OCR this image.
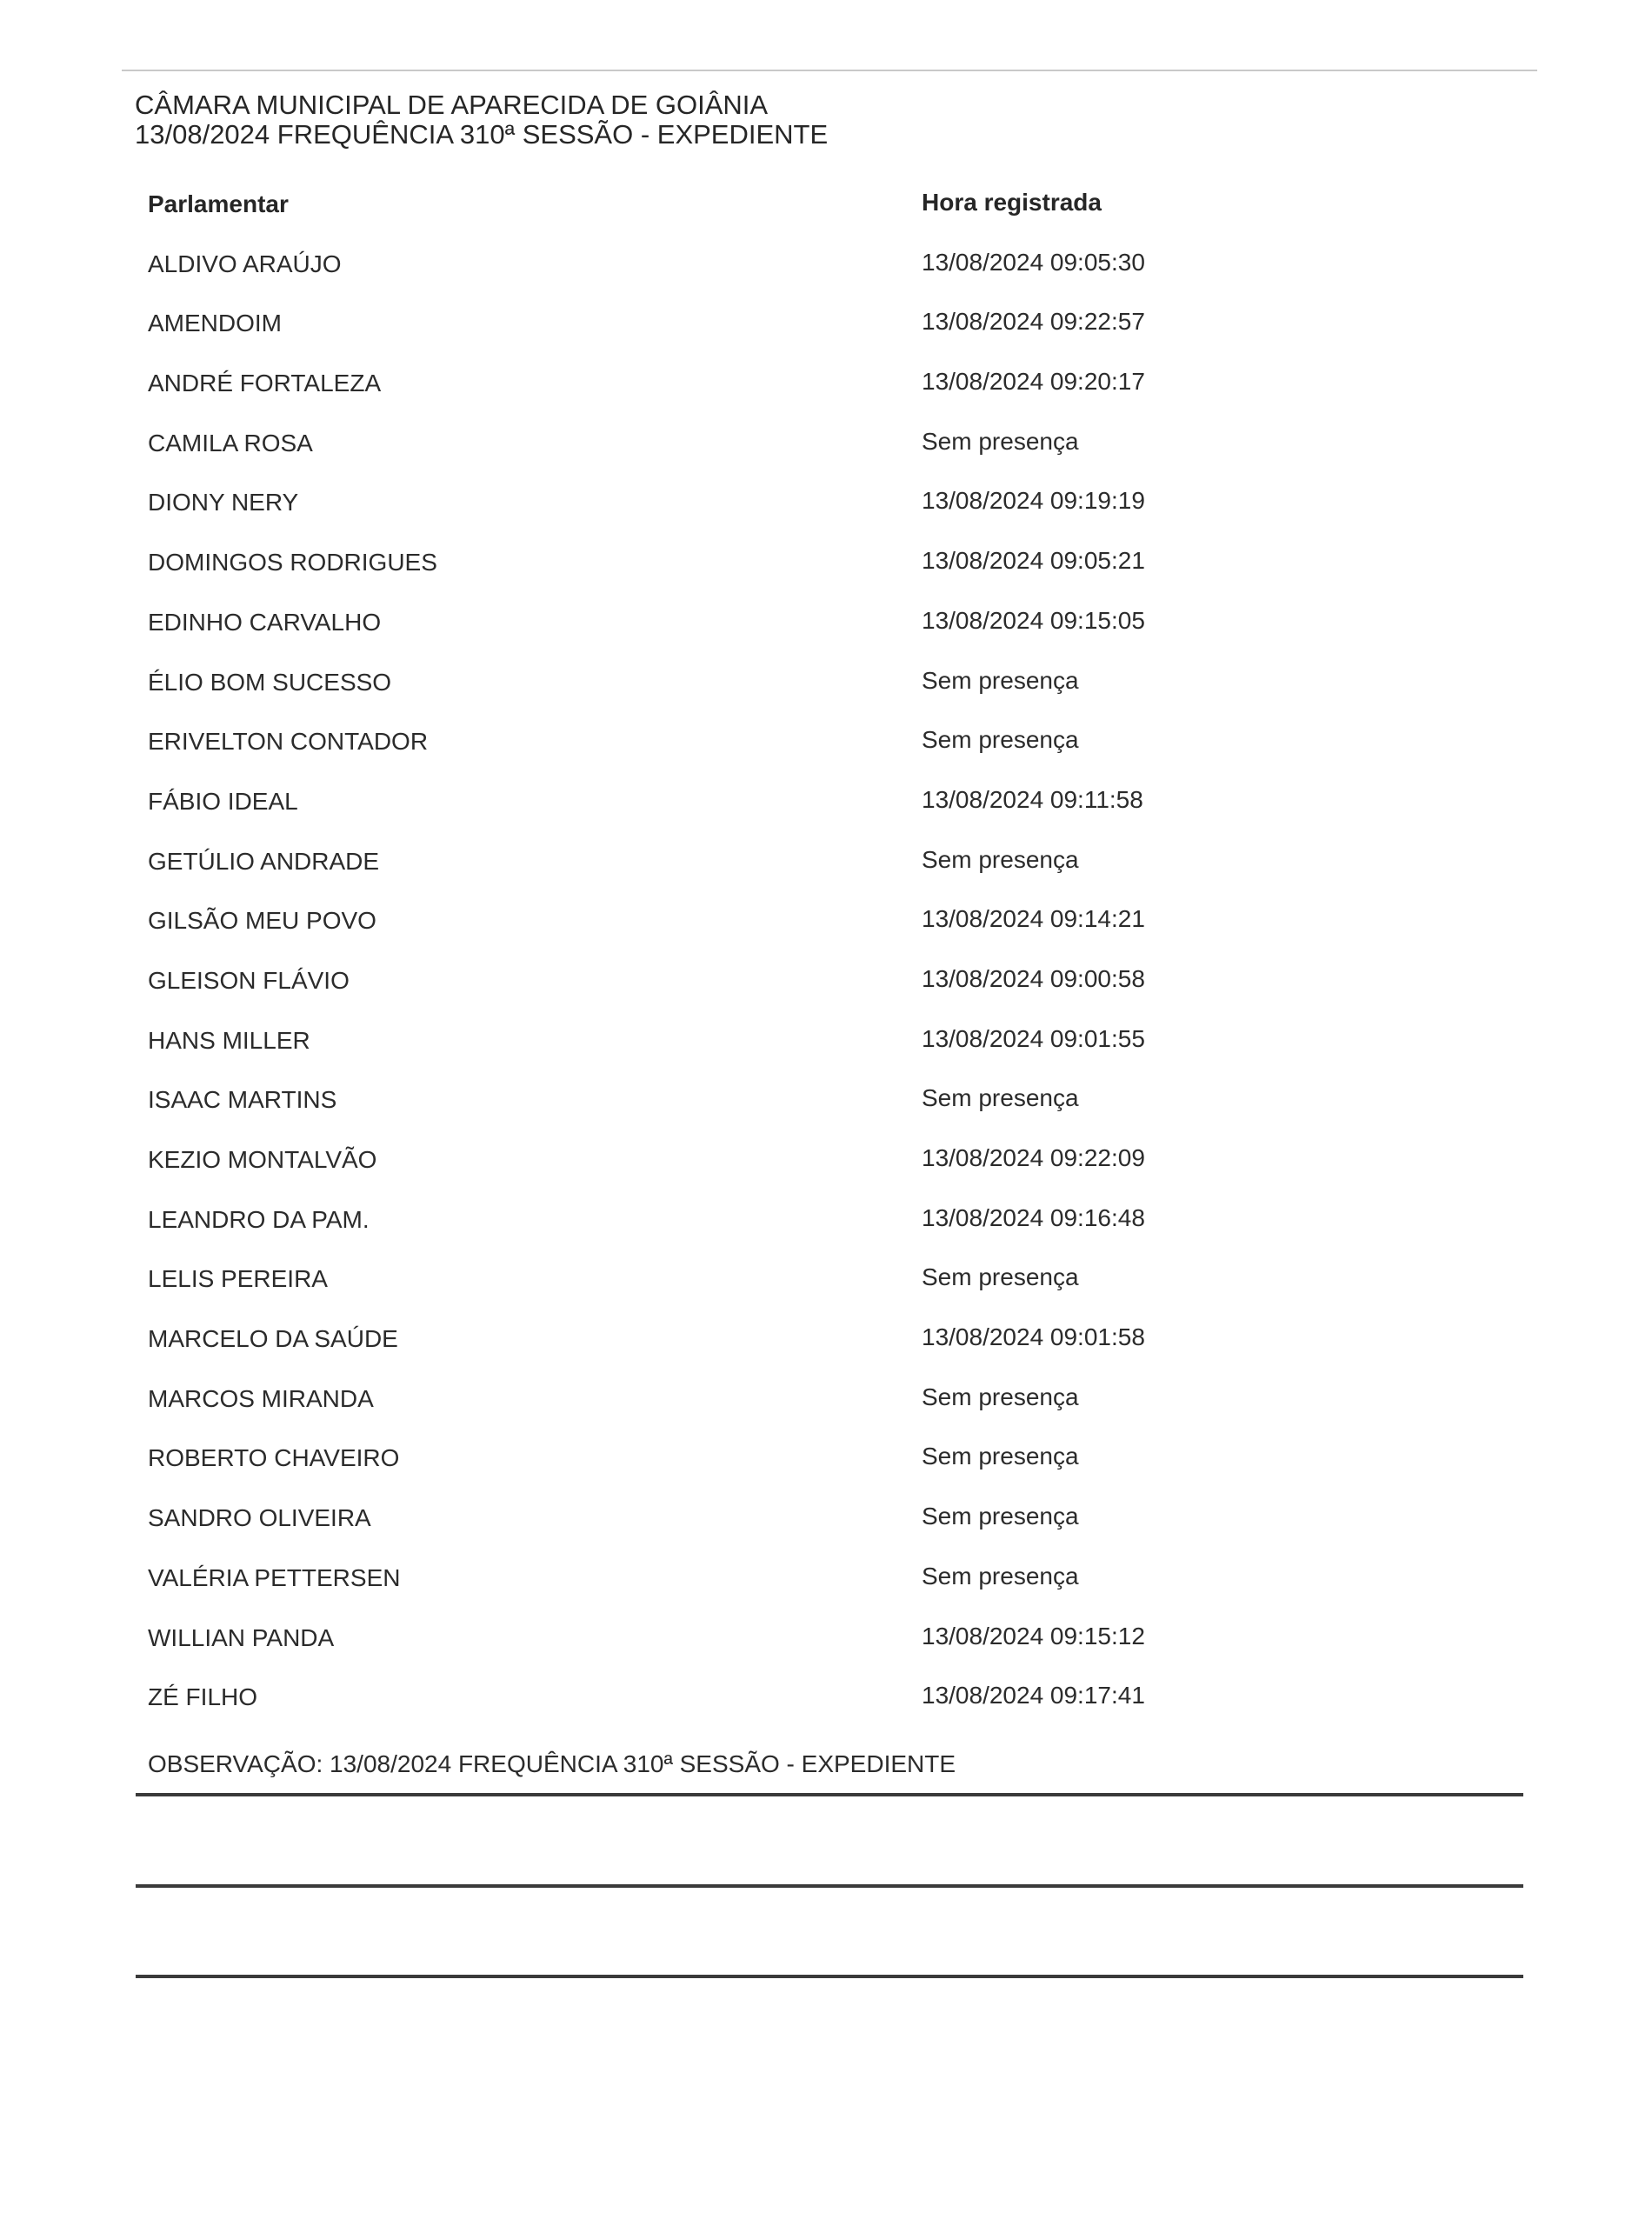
CÂMARA MUNICIPAL DE APARECIDA DE GOIÂNIA
13/08/2024 FREQUÊNCIA 310ª SESSÃO - EXPEDIENTE
Parlamentar	Hora registrada
ALDIVO ARAÚJO	13/08/2024 09:05:30
AMENDOIM	13/08/2024 09:22:57
ANDRÉ FORTALEZA	13/08/2024 09:20:17
CAMILA ROSA	Sem presença
DIONY NERY	13/08/2024 09:19:19
DOMINGOS RODRIGUES	13/08/2024 09:05:21
EDINHO CARVALHO	13/08/2024 09:15:05
ÉLIO BOM SUCESSO	Sem presença
ERIVELTON CONTADOR	Sem presença
FÁBIO IDEAL	13/08/2024 09:11:58
GETÚLIO ANDRADE	Sem presença
GILSÃO MEU POVO	13/08/2024 09:14:21
GLEISON FLÁVIO	13/08/2024 09:00:58
HANS MILLER	13/08/2024 09:01:55
ISAAC MARTINS	Sem presença
KEZIO MONTALVÃO	13/08/2024 09:22:09
LEANDRO DA PAM.	13/08/2024 09:16:48
LELIS PEREIRA	Sem presença
MARCELO DA SAÚDE	13/08/2024 09:01:58
MARCOS MIRANDA	Sem presença
ROBERTO CHAVEIRO	Sem presença
SANDRO OLIVEIRA	Sem presença
VALÉRIA PETTERSEN	Sem presença
WILLIAN PANDA	13/08/2024 09:15:12
ZÉ FILHO	13/08/2024 09:17:41
OBSERVAÇÃO: 13/08/2024 FREQUÊNCIA 310ª SESSÃO - EXPEDIENTE
